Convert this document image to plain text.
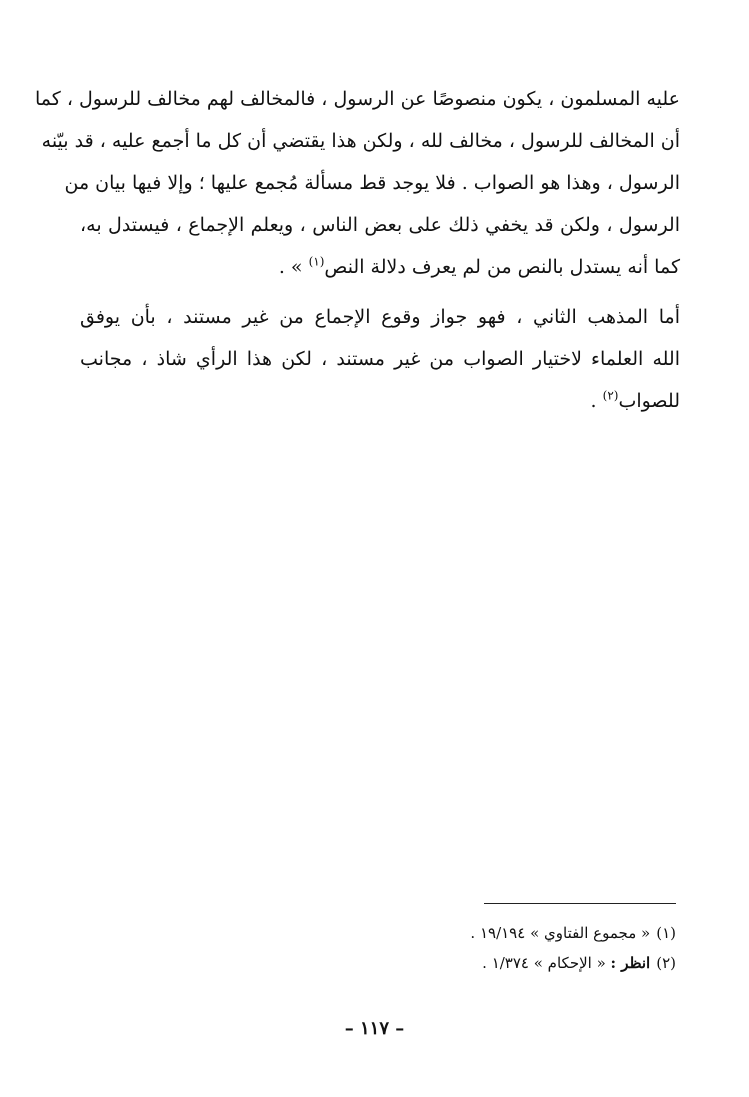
عليه المسلمون ، يكون منصوصًا عن الرسول ، فالمخالف لهم مخالف للرسول ، كما
أن المخالف للرسول ، مخالف لله ، ولكن هذا يقتضي أن كل ما أجمع عليه ، قد بيّنه
الرسول ، وهذا هو الصواب . فلا يوجد قط مسألة مُجمع عليها ؛ وإلا فيها بيان من
الرسول ، ولكن قد يخفي ذلك على بعض الناس ، ويعلم الإجماع ، فيستدل به،
كما أنه يستدل بالنص من لم يعرف دلالة النص$^{(١)}$ » .
أما المذهب الثاني ، فهو جواز وقوع الإجماع من غير مستند ، بأن يوفق
الله العلماء لاختيار الصواب من غير مستند ، لكن هذا الرأي شاذ ، مجانب
للصواب$^{(٢)}$ .
(١)« مجموع الفتاوي » ١٩/١٩٤ .
(٢)انظر : « الإحكام » ١/٣٧٤ .
– ١١٧ –
